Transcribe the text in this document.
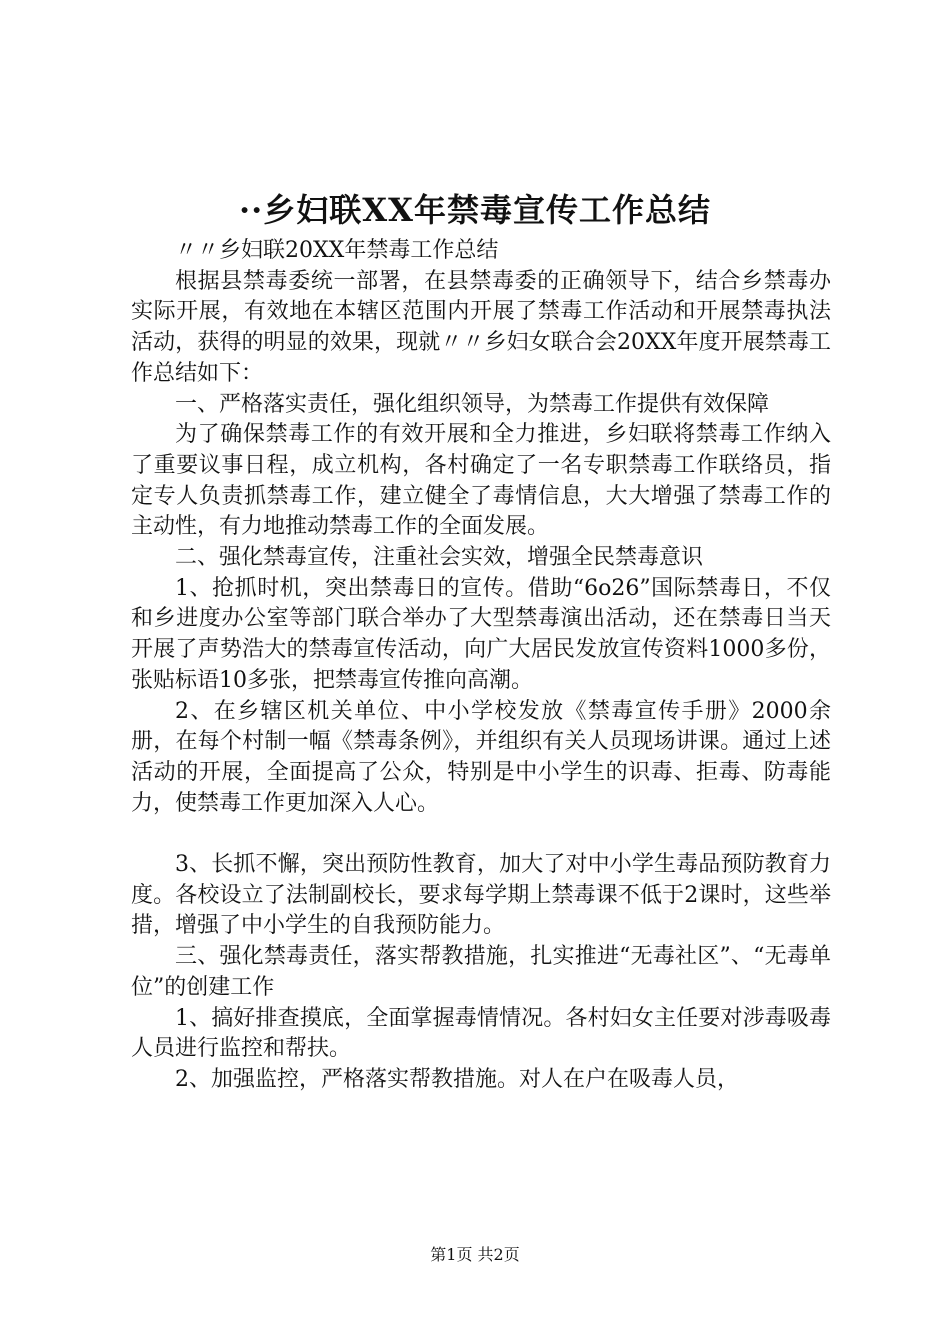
··乡妇联XX年禁毒宣传工作总结

〃〃乡妇联20XX年禁毒工作总结

根据县禁毒委统一部署，在县禁毒委的正确领导下，结合乡禁毒办实际开展，有效地在本辖区范围内开展了禁毒工作活动和开展禁毒执法活动，获得的明显的效果，现就〃〃乡妇女联合会20XX年度开展禁毒工作总结如下：

一、严格落实责任，强化组织领导，为禁毒工作提供有效保障

为了确保禁毒工作的有效开展和全力推进，乡妇联将禁毒工作纳入了重要议事日程，成立机构，各村确定了一名专职禁毒工作联络员，指定专人负责抓禁毒工作，建立健全了毒情信息，大大增强了禁毒工作的主动性，有力地推动禁毒工作的全面发展。

二、强化禁毒宣传，注重社会实效，增强全民禁毒意识

1、抢抓时机，突出禁毒日的宣传。借助“6o26”国际禁毒日，不仅和乡进度办公室等部门联合举办了大型禁毒演出活动，还在禁毒日当天开展了声势浩大的禁毒宣传活动，向广大居民发放宣传资料1000多份，张贴标语10多张，把禁毒宣传推向高潮。

2、在乡辖区机关单位、中小学校发放《禁毒宣传手册》2000余册，在每个村制一幅《禁毒条例》，并组织有关人员现场讲课。通过上述活动的开展，全面提高了公众，特别是中小学生的识毒、拒毒、防毒能力，使禁毒工作更加深入人心。

3、长抓不懈，突出预防性教育，加大了对中小学生毒品预防教育力度。各校设立了法制副校长，要求每学期上禁毒课不低于2课时，这些举措，增强了中小学生的自我预防能力。

三、强化禁毒责任，落实帮教措施，扎实推进“无毒社区”、“无毒单位”的创建工作

1、搞好排查摸底，全面掌握毒情情况。各村妇女主任要对涉毒吸毒人员进行监控和帮扶。

2、加强监控，严格落实帮教措施。对人在户在吸毒人员，

第1页 共2页
